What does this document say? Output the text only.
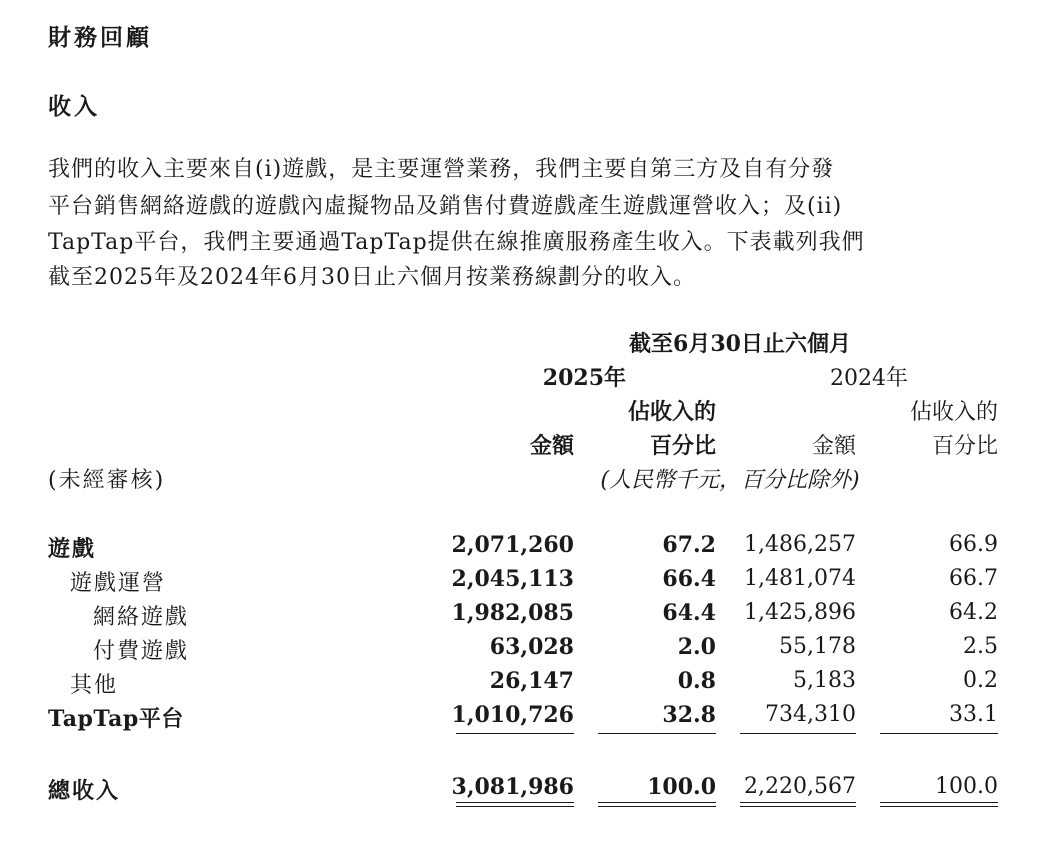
財務回顧
收入
我們的收入主要來自(i)遊戲，是主要運營業務，我們主要自第三方及自有分發
平台銷售網絡遊戲的遊戲內虛擬物品及銷售付費遊戲產生遊戲運營收入；及(ii)
TapTap平台，我們主要通過TapTap提供在線推廣服務產生收入。下表載列我們
截至2025年及2024年6月30日止六個月按業務線劃分的收入。
截至6月30日止六個月
2025年	2024年
佔收入的	佔收入的
金額	百分比	金額	百分比
(未經審核)	(人民幣千元，百分比除外)
遊戲	2,071,260	67.2	1,486,257	66.9
遊戲運營	2,045,113	66.4	1,481,074	66.7
網絡遊戲	1,982,085	64.4	1,425,896	64.2
付費遊戲	63,028	2.0	55,178	2.5
其他	26,147	0.8	5,183	0.2
TapTap平台	1,010,726	32.8	734,310	33.1
總收入	3,081,986	100.0	2,220,567	100.0
